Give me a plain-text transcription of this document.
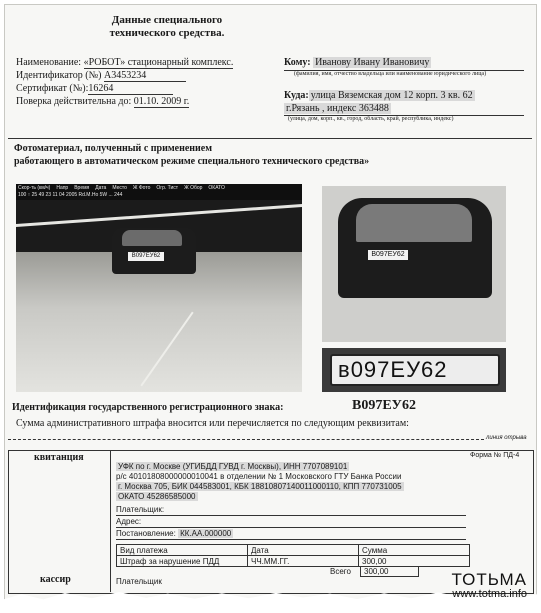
Данные специального
технического средства.
Наименование: «РОБОТ» стационарный комплекс.
Идентификатор (№) А3453234
Сертификат (№):16264
Поверка действительна до: 01.10. 2009 г.
Кому: Иванову Ивану Ивановичу
(фамилия, имя, отчество владельца или наименование юридического лица)
Куда: улица Вяземская дом 12 корп. 3 кв. 62
г.Рязань , индекс 363488
(улица, дом, корп., кв., город, область, край, республика, индекс)
Фотоматериал, полученный с применением
работающего в автоматическом режиме специального технического средства»
Скор-ть (км/ч) Напр Время Дата Место Ж Фото Огр. Тист Ж Обор ОКАТО
100 ↑ 25 49 23 11 04 2005 Rd.M.Ho 5W ... 244
В097ЕУ62	В097ЕУ62
в097ЕУ62
Идентификация государственного регистрационного знака:	В097ЕУ62
Сумма административного штрафа вносится или перечисляется по следующим реквизитам:
линия отрыва
квитанция	Форма № ПД-4
УФК по г. Москве (УГИБДД ГУВД г. Москвы), ИНН 7707089101
р/с 40101808000000010041 в отделении № 1 Московского ГТУ Банка России
г. Москва 705, БИК 044583001, КБК 18810807140011000110, КПП 770731005
ОКАТО 45286585000
Плательщик:
Адрес:
Постановление: КК.АА.000000
Вид платежа	Дата	Сумма
Штраф за нарушение ПДД	ЧЧ.ММ.ГГ.	300,00
Всего	300,00
кассир	Плательщик	ТОТЬМА
www.totma.info
